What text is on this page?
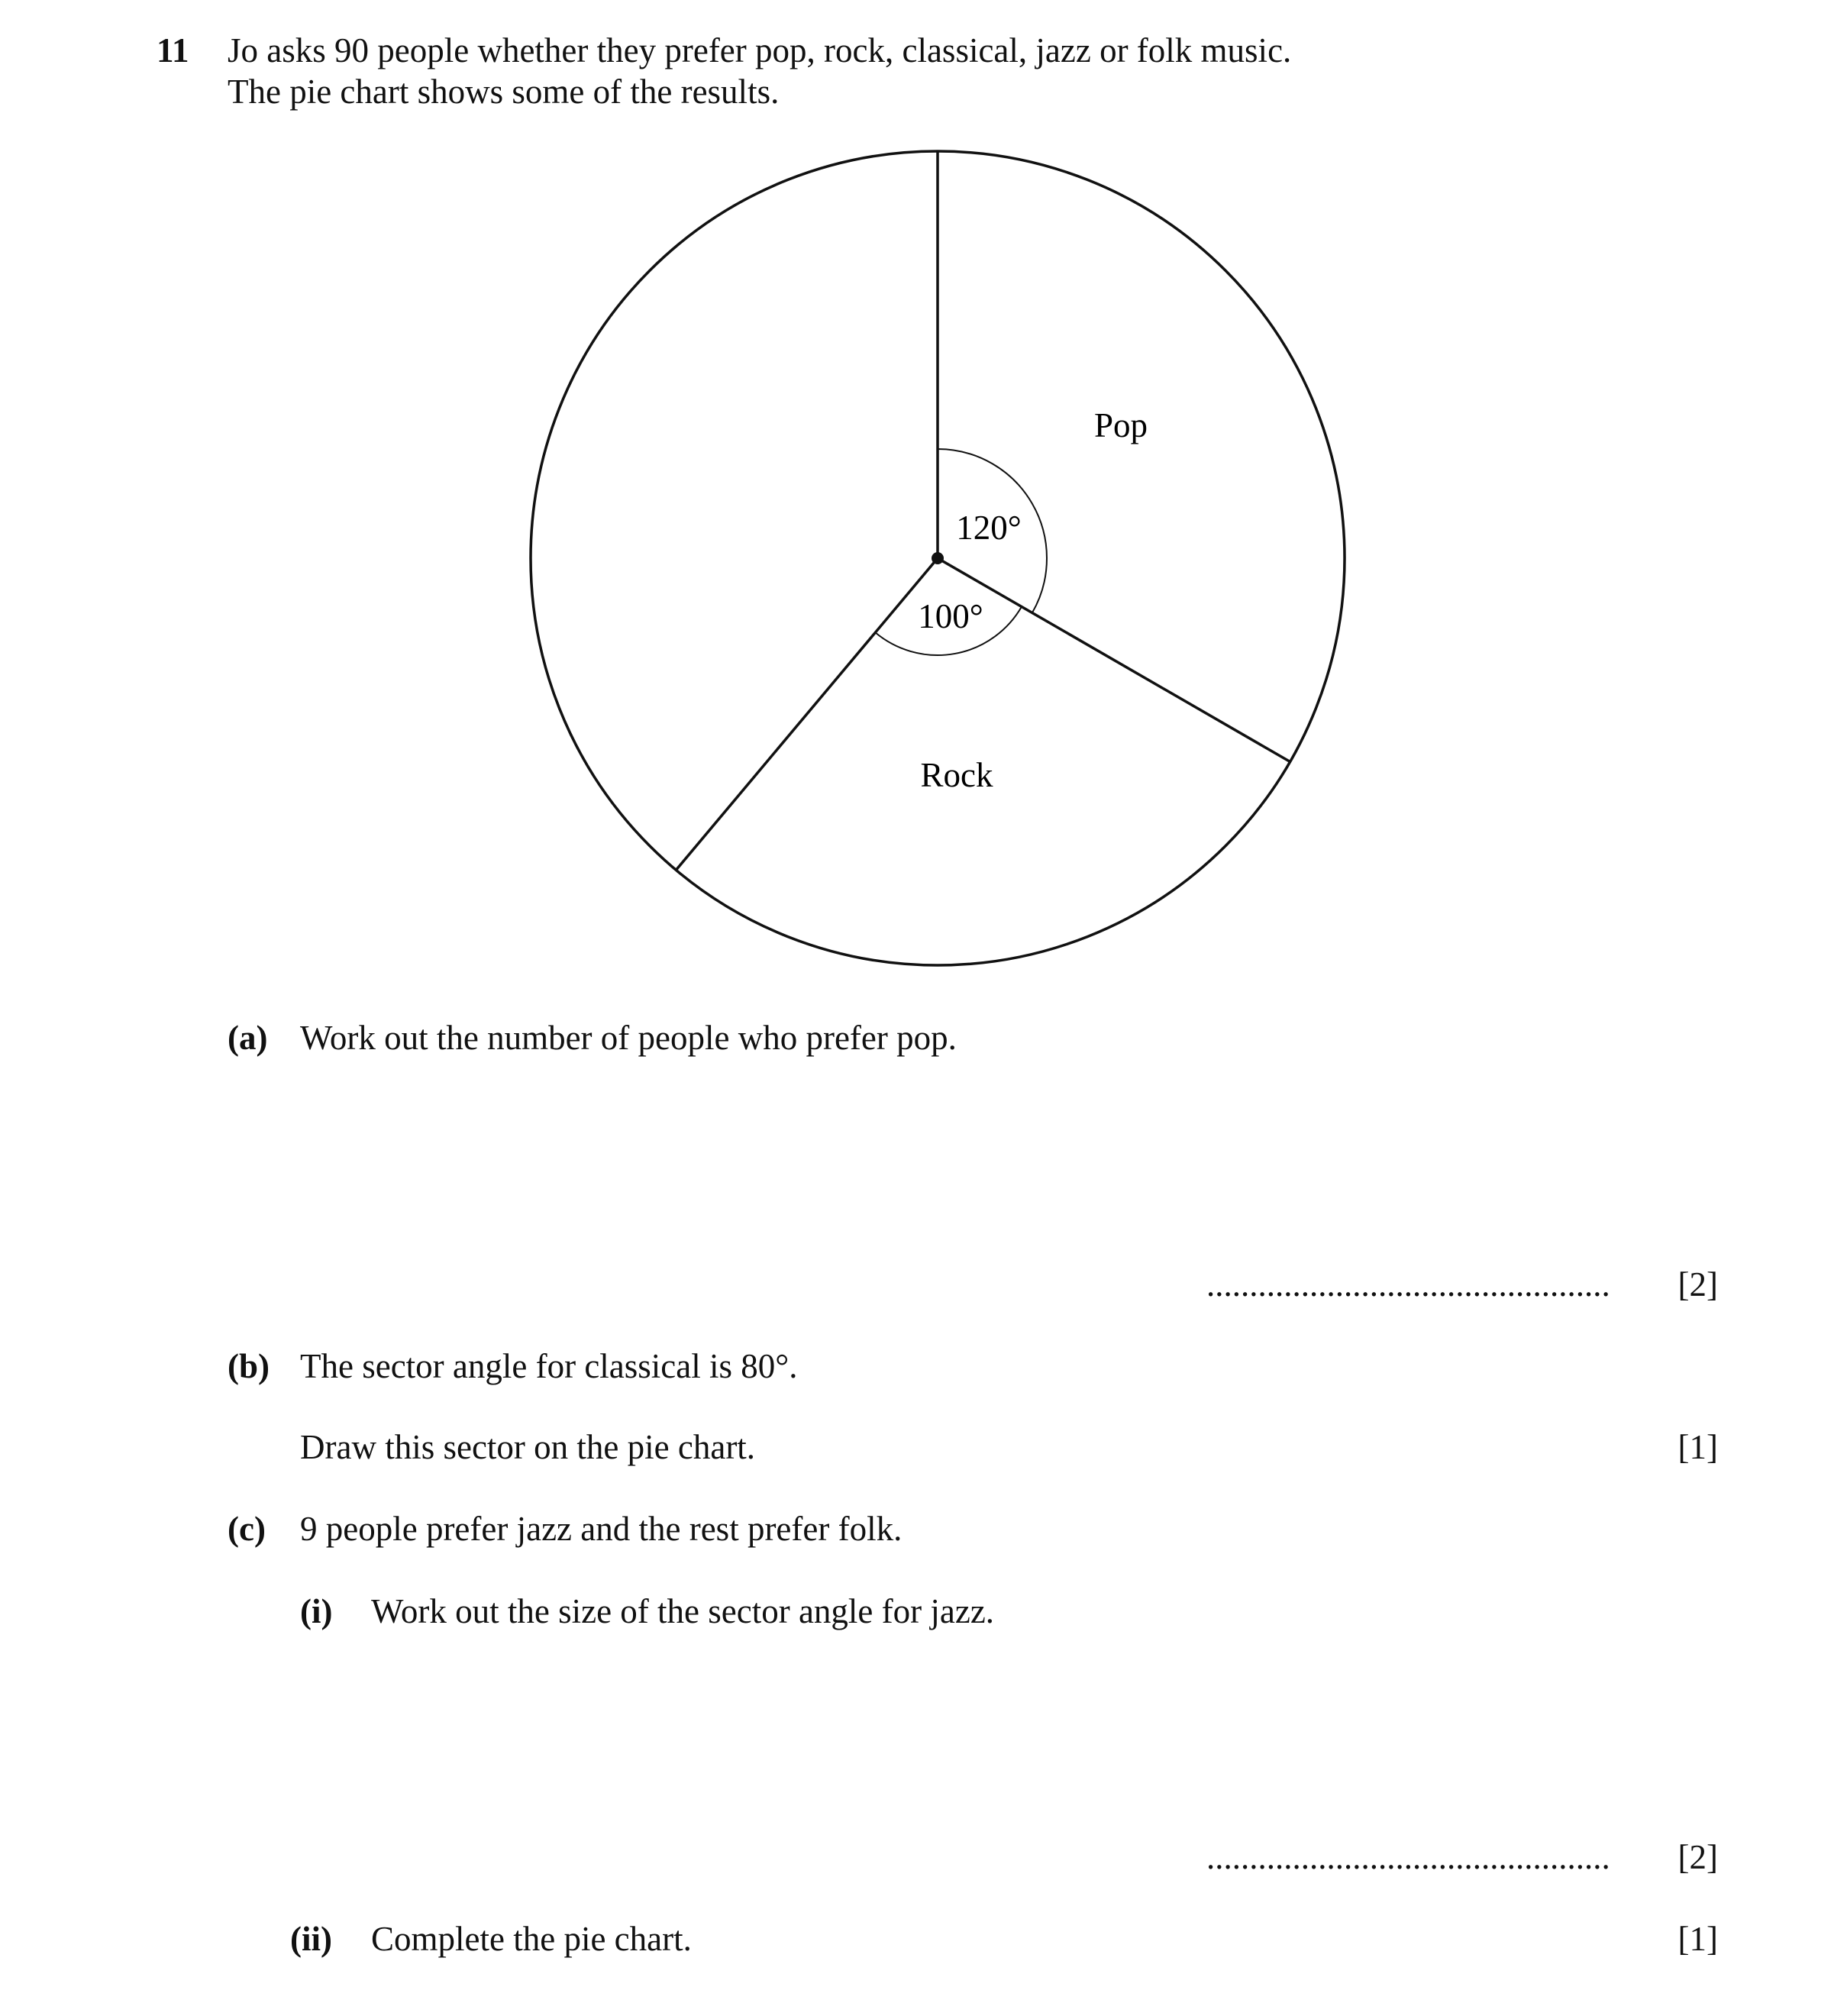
11 Jo asks 90 people whether they prefer pop, rock, classical, jazz or folk music.
The pie chart shows some of the results.
Pop
Rock
120°
100°
(a) Work out the number of people who prefer pop.
...............................................	[2]
(b) The sector angle for classical is 80°.
Draw this sector on the pie chart.	[1]
(c) 9 people prefer jazz and the rest prefer folk.
(i) Work out the size of the sector angle for jazz.
...............................................	[2]
(ii) Complete the pie chart.	[1]
